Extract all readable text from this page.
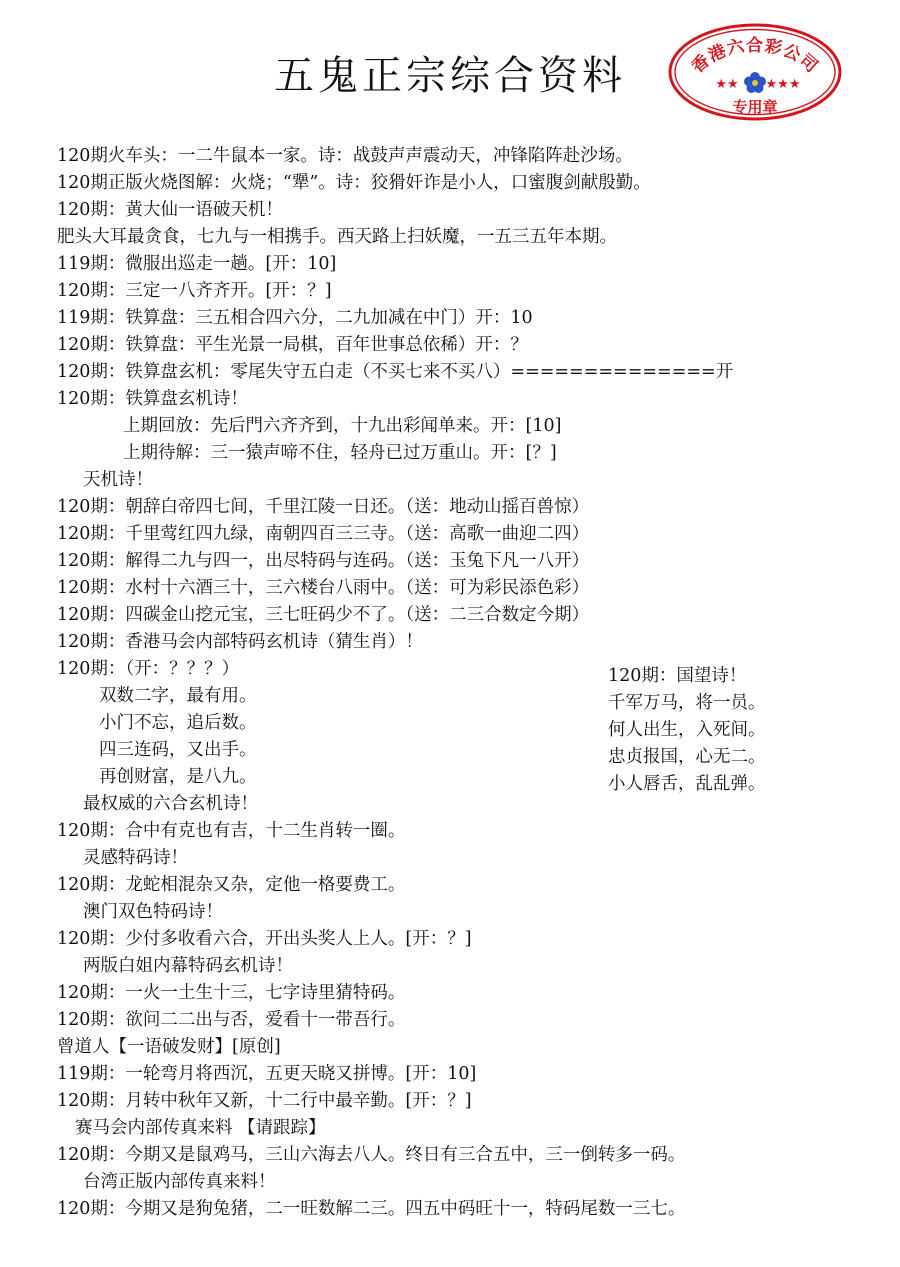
五鬼正宗综合资料	香港六合彩公司
★★ ★★★
专用章
120期火车头：一二牛鼠本一家。诗：战鼓声声震动天，冲锋陷阵赴沙场。
120期正版火烧图解：火烧；“犟”。诗：狡猾奸诈是小人，口蜜腹剑献殷勤。
120期：黄大仙一语破天机！
肥头大耳最贪食，七九与一相携手。西天路上扫妖魔，一五三五年本期。
119期：微服出巡走一趟。[开：10]
120期：三定一八齐齐开。[开：？]
119期：铁算盘：三五相合四六分，二九加减在中门）开：10
120期：铁算盘：平生光景一局棋，百年世事总依稀）开：？
120期：铁算盘玄机：零尾失守五白走（不买七来不买八）==============开
120期：铁算盘玄机诗！
上期回放：先后門六齐齐到，十九出彩闻单来。开：[10]
上期待解：三一猿声啼不住，轻舟已过万重山。开：[？]
天机诗！
120期：朝辞白帝四七间，千里江陵一日还。（送：地动山摇百兽惊）
120期：千里莺红四九绿，南朝四百三三寺。（送：高歌一曲迎二四）
120期：解得二九与四一，出尽特码与连码。（送：玉兔下凡一八开）
120期：水村十六酒三十，三六楼台八雨中。（送：可为彩民添色彩）
120期：四碳金山挖元宝，三七旺码少不了。（送：二三合数定今期）
120期：香港马会内部特码玄机诗（猜生肖）！
120期：（开：？？？）
双数二字，最有用。
小门不忘，追后数。
四三连码，又出手。
再创财富，是八九。
最权威的六合玄机诗！
120期：合中有克也有吉，十二生肖转一圈。
灵感特码诗！
120期：龙蛇相混杂又杂，定他一格要费工。
澳门双色特码诗！
120期：少付多收看六合，开出头奖人上人。[开：？]
两版白姐内幕特码玄机诗！
120期：一火一土生十三，七字诗里猜特码。
120期：欲问二二出与否，爱看十一带吾行。
曾道人【一语破发财】[原创]
119期：一轮弯月将西沉，五更天晓又拼博。[开：10]
120期：月转中秋年又新，十二行中最辛勤。[开：？]
赛马会内部传真来料 【请跟踪】
120期：今期又是鼠鸡马，三山六海去八人。终日有三合五中，三一倒转多一码。
台湾正版内部传真来料！
120期：今期又是狗兔猪，二一旺数解二三。四五中码旺十一，特码尾数一三七。
120期：国望诗！
千军万马，将一员。
何人出生，入死间。
忠贞报国，心无二。
小人唇舌，乱乱弹。
